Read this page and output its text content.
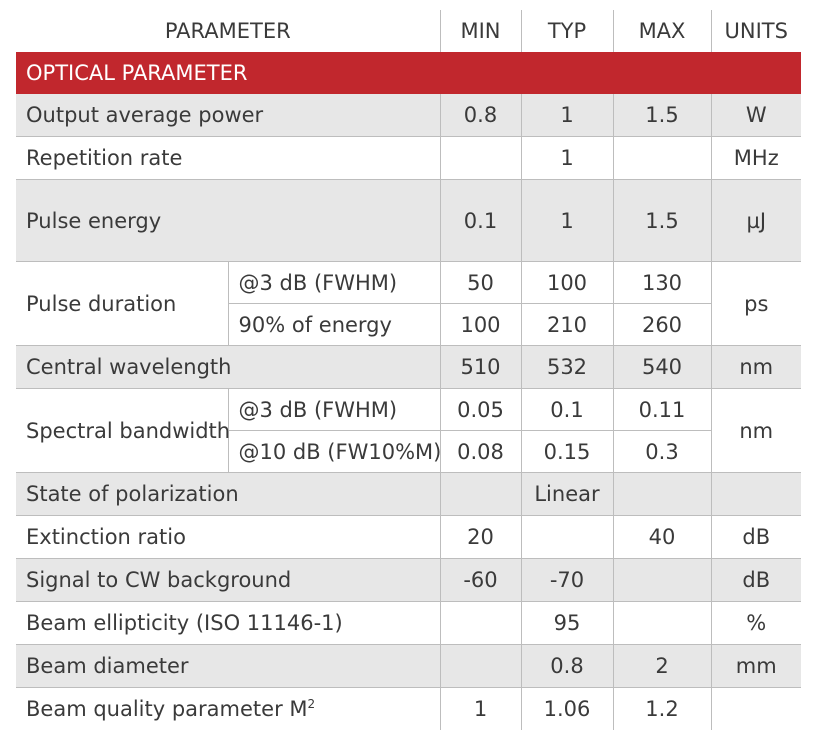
PARAMETER		MIN	TYP	MAX	UNITS
OPTICAL PARAMETER					
Output average power		0.8	1	1.5	W
Repetition rate			1		MHz
Pulse energy		0.1	1	1.5	µJ
Pulse duration	@3 dB (FWHM)	50	100	130	ps
	90% of energy	100	210	260	
Central wavelength		510	532	540	nm
Spectral bandwidth	@3 dB (FWHM)	0.05	0.1	0.11	nm
	@10 dB (FW10%M)	0.08	0.15	0.3	
State of polarization			Linear		
Extinction ratio		20		40	dB
Signal to CW background		-60	-70		dB
Beam ellipticity (ISO 11146-1)			95		%
Beam diameter			0.8	2	mm
Beam quality parameter $M^2$		1	1.06	1.2	
